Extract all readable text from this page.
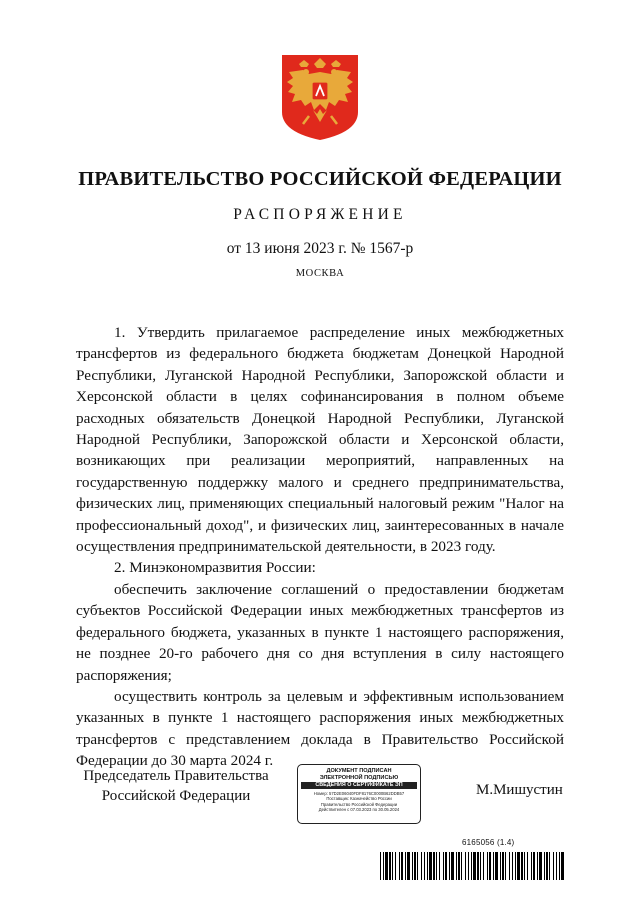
ПРАВИТЕЛЬСТВО РОССИЙСКОЙ ФЕДЕРАЦИИ
РАСПОРЯЖЕНИЕ
от 13 июня 2023 г. № 1567-р
МОСКВА

1. Утвердить прилагаемое распределение иных межбюджетных трансфертов из федерального бюджета бюджетам Донецкой Народной Республики, Луганской Народной Республики, Запорожской области и Херсонской области в целях софинансирования в полном объеме расходных обязательств Донецкой Народной Республики, Луганской Народной Республики, Запорожской области и Херсонской области, возникающих при реализации мероприятий, направленных на государственную поддержку малого и среднего предпринимательства, физических лиц, применяющих специальный налоговый режим "Налог на профессиональный доход", и физических лиц, заинтересованных в начале осуществления предпринимательской деятельности, в 2023 году.

2. Минэкономразвития России:

обеспечить заключение соглашений о предоставлении бюджетам субъектов Российской Федерации иных межбюджетных трансфертов из федерального бюджета, указанных в пункте 1 настоящего распоряжения, не позднее 20-го рабочего дня со дня вступления в силу настоящего распоряжения;

осуществить контроль за целевым и эффективным использованием указанных в пункте 1 настоящего распоряжения иных межбюджетных трансфертов с представлением доклада в Правительство Российской Федерации до 30 марта 2024 г.

Председатель Правительства
Российской Федерации
ДОКУМЕНТ ПОДПИСАН
ЭЛЕКТРОННОЙ ПОДПИСЬЮ
СВЕДЕНИЯ О СЕРТИФИКАТЕ ЭП
Номер: 57D2E06040FDF8176C0000B62DDB57
Поставщик: Казначейство России
Правительство Российской Федерации
Действителен с 07.03.2023 по 30.05.2024
М.Мишустин
6165056 (1.4)
